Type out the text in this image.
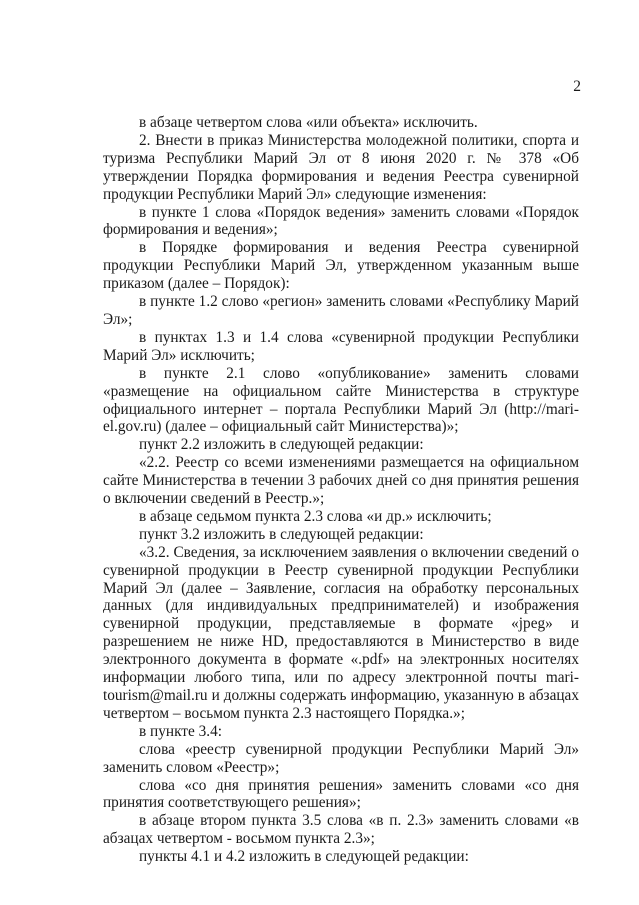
2

в абзаце четвертом слова «или объекта» исключить.

2. Внести в приказ Министерства молодежной политики, спорта и туризма Республики Марий Эл от 8 июня 2020 г. № 378 «Об утверждении Порядка формирования и ведения Реестра сувенирной продукции Республики Марий Эл» следующие изменения:

в пункте 1 слова «Порядок ведения» заменить словами «Порядок формирования и ведения»;

в Порядке формирования и ведения Реестра сувенирной продукции Республики Марий Эл, утвержденном указанным выше приказом (далее – Порядок):

в пункте 1.2 слово «регион» заменить словами «Республику Марий Эл»;

в пунктах 1.3 и 1.4 слова «сувенирной продукции Республики Марий Эл» исключить;

в пункте 2.1 слово «опубликование» заменить словами «размещение на официальном сайте Министерства в структуре официального интернет – портала Республики Марий Эл (http://mari-el.gov.ru) (далее – официальный сайт Министерства)»;

пункт 2.2 изложить в следующей редакции:

«2.2. Реестр со всеми изменениями размещается на официальном сайте Министерства в течении 3 рабочих дней со дня принятия решения о включении сведений в Реестр.»;

в абзаце седьмом пункта 2.3 слова «и др.» исключить;

пункт 3.2 изложить в следующей редакции:

«3.2. Сведения, за исключением заявления о включении сведений о сувенирной продукции в Реестр сувенирной продукции Республики Марий Эл (далее – Заявление, согласия на обработку персональных данных (для индивидуальных предпринимателей) и изображения сувенирной продукции, представляемые в формате «jpeg» и разрешением не ниже HD, предоставляются в Министерство в виде электронного документа в формате «.pdf» на электронных носителях информации любого типа, или по адресу электронной почты mari-tourism@mail.ru и должны содержать информацию, указанную в абзацах четвертом – восьмом пункта 2.3 настоящего Порядка.»;

в пункте 3.4:

слова «реестр сувенирной продукции Республики Марий Эл» заменить словом «Реестр»;

слова «со дня принятия решения» заменить словами «со дня принятия соответствующего решения»;

в абзаце втором пункта 3.5 слова «в п. 2.3» заменить словами «в абзацах четвертом - восьмом пункта 2.3»;

пункты 4.1 и 4.2 изложить в следующей редакции:
